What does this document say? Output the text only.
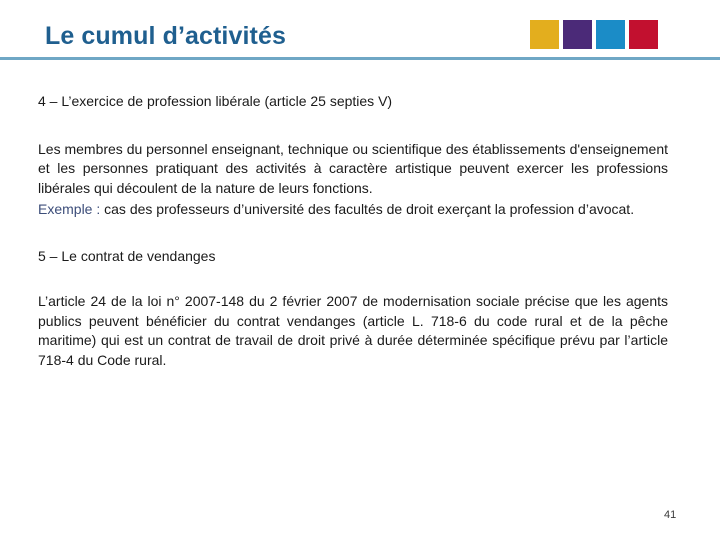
Le cumul d’activités

4 – L’exercice de profession libérale (article 25 septies V)

Les membres du personnel enseignant, technique ou scientifique des établissements d'enseignement et les personnes pratiquant des activités à caractère artistique peuvent exercer les professions libérales qui découlent de la nature de leurs fonctions.

Exemple : cas des professeurs d’université des facultés de droit exerçant la profession d’avocat.

5 – Le contrat de vendanges

L’article 24 de la loi n° 2007-148 du 2 février 2007 de modernisation sociale précise que les agents publics peuvent bénéficier du contrat vendanges (article L. 718-6 du code rural et de la pêche maritime) qui est un contrat de travail de droit privé à durée déterminée spécifique prévu par l’article 718-4 du Code rural.

41
